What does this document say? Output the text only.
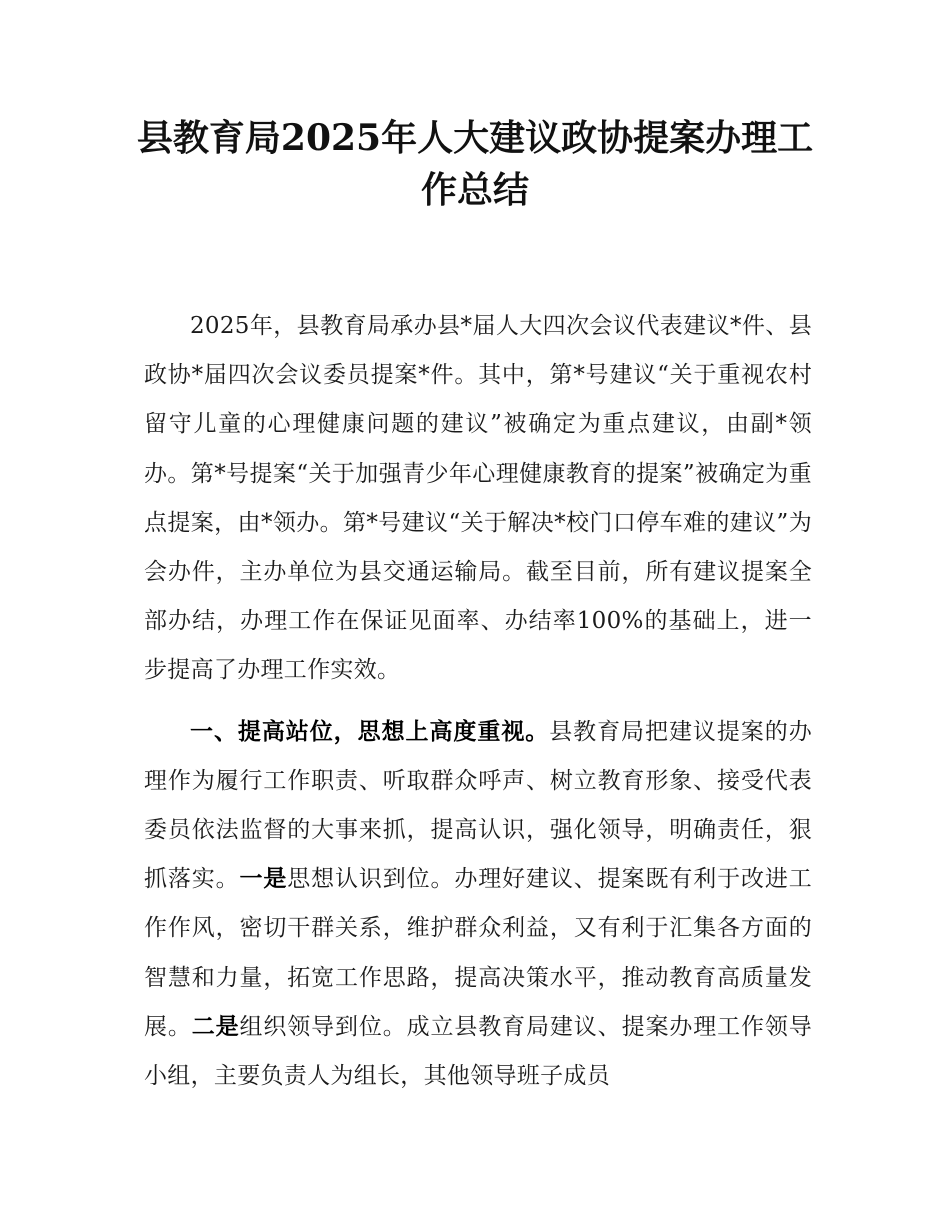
县教育局2025年人大建议政协提案办理工作总结

2025年，县教育局承办县*届人大四次会议代表建议*件、县政协*届四次会议委员提案*件。其中，第*号建议“关于重视农村留守儿童的心理健康问题的建议”被确定为重点建议，由副*领办。第*号提案“关于加强青少年心理健康教育的提案”被确定为重点提案，由*领办。第*号建议“关于解决*校门口停车难的建议”为会办件，主办单位为县交通运输局。截至目前，所有建议提案全部办结，办理工作在保证见面率、办结率100%的基础上，进一步提高了办理工作实效。

一、提高站位，思想上高度重视。县教育局把建议提案的办理作为履行工作职责、听取群众呼声、树立教育形象、接受代表委员依法监督的大事来抓，提高认识，强化领导，明确责任，狠抓落实。一是思想认识到位。办理好建议、提案既有利于改进工作作风，密切干群关系，维护群众利益，又有利于汇集各方面的智慧和力量，拓宽工作思路，提高决策水平，推动教育高质量发展。二是组织领导到位。成立县教育局建议、提案办理工作领导小组，主要负责人为组长，其他领导班子成员
